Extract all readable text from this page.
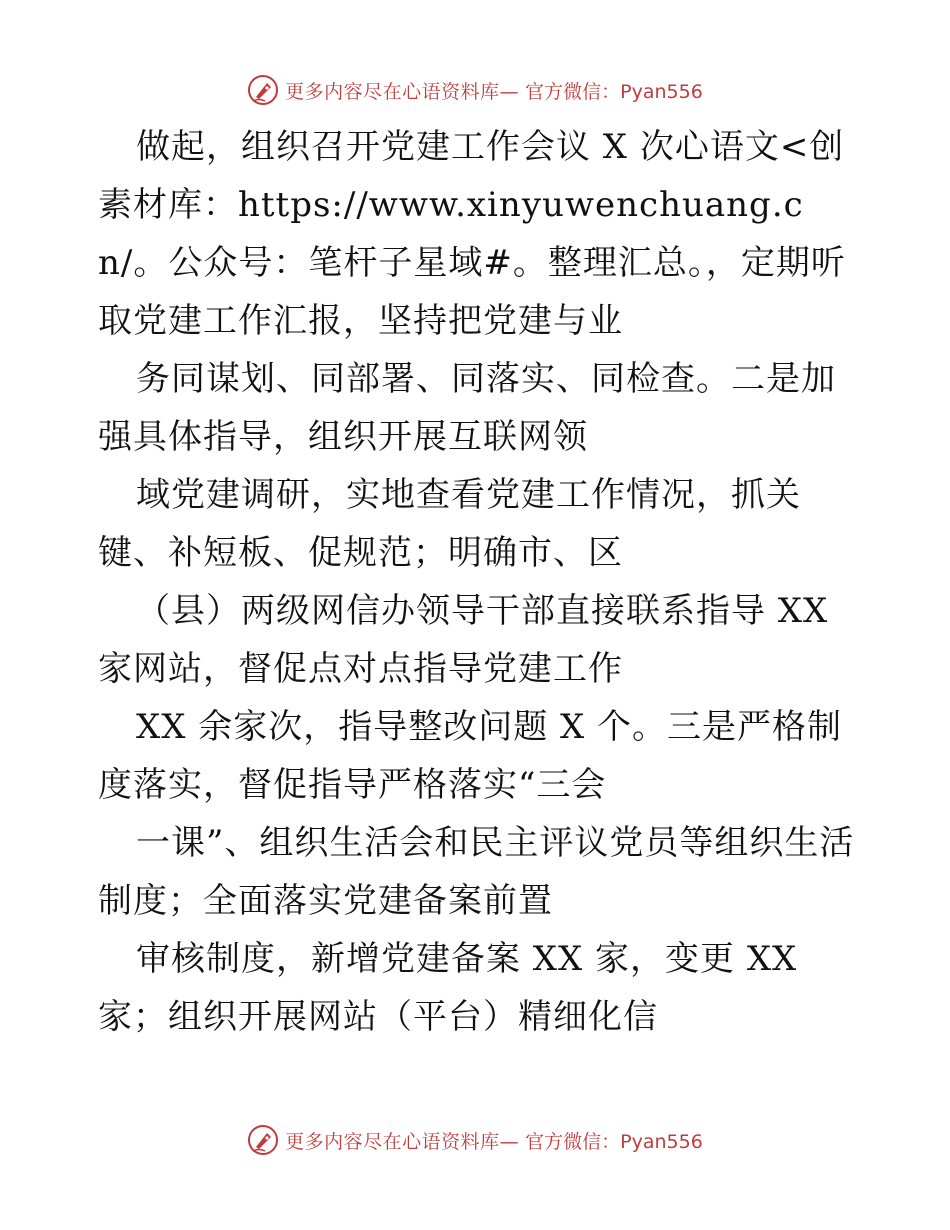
更多内容尽在心语资料库— 官方微信：Pyan556

做起，组织召开党建工作会议 X 次心语文<创素材库：https://www.xinyuwenchuang.cn/。公众号：笔杆子星域#。整理汇总。，定期听取党建工作汇报，坚持把党建与业

务同谋划、同部署、同落实、同检查。二是加强具体指导，组织开展互联网领

域党建调研，实地查看党建工作情况，抓关键、补短板、促规范；明确市、区

（县）两级网信办领导干部直接联系指导 XX 家网站，督促点对点指导党建工作

XX 余家次，指导整改问题 X 个。三是严格制度落实，督促指导严格落实“三会

一课”、组织生活会和民主评议党员等组织生活制度；全面落实党建备案前置

审核制度，新增党建备案 XX 家，变更 XX 家；组织开展网站（平台）精细化信

更多内容尽在心语资料库— 官方微信：Pyan556
